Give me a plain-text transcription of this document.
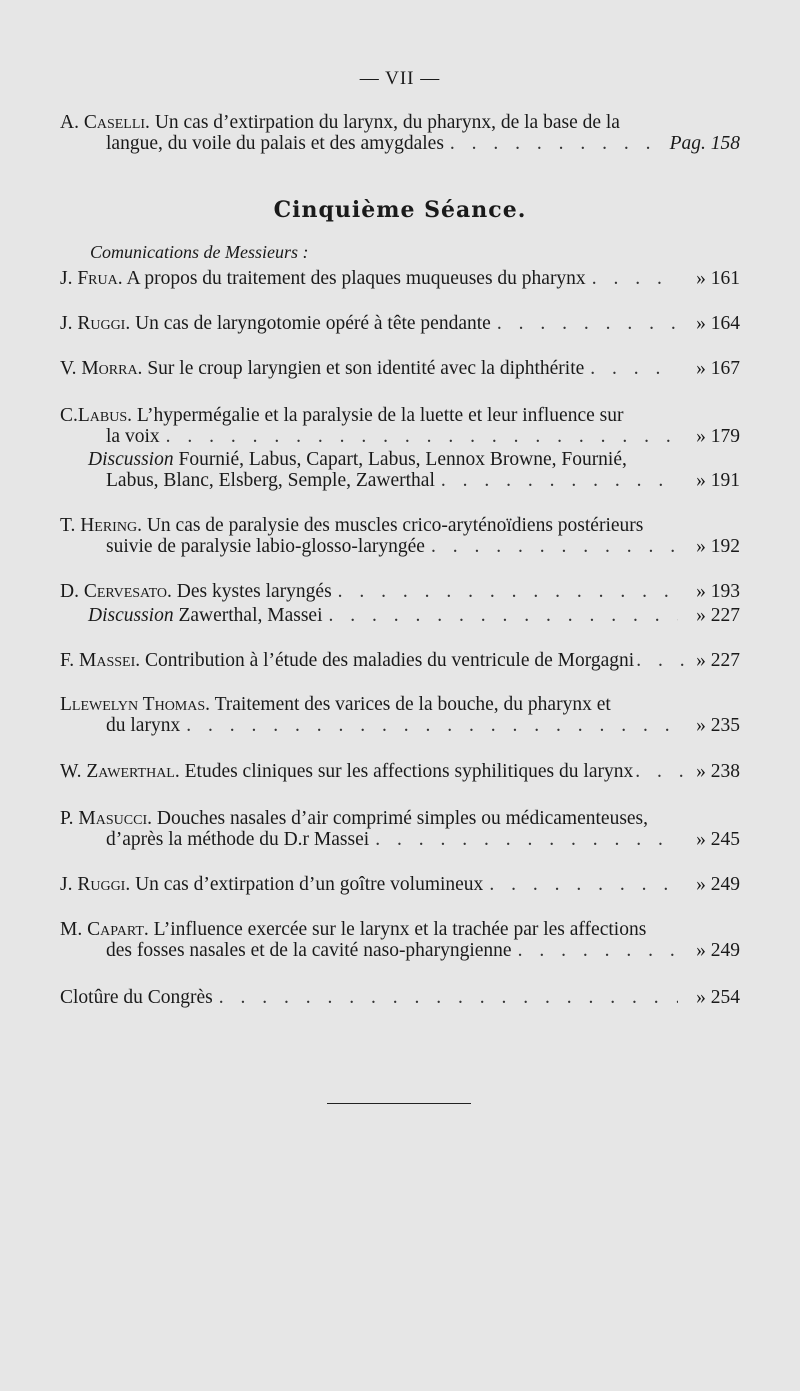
— VII —
A. Caselli. Un cas d’extirpation du larynx, du pharynx, de la base de la
langue, du voile du palais et des amygdales . . .	Pag. 158
Cinquième Séance.
Comunications de Messieurs :
J. Frua. A propos du traitement des plaques muqueuses du pharynx . . .	» 161
J. Ruggi. Un cas de laryngotomie opéré à tête pendante . . .	» 164
V. Morra. Sur le croup laryngien et son identité avec la diphthérite . . .	» 167
C.Labus. L’hypermégalie et la paralysie de la luette et leur influence sur
la voix . . .	» 179
Discussion Fournié, Labus, Capart, Labus, Lennox Browne, Fournié,
Labus, Blanc, Elsberg, Semple, Zawerthal . . .	» 191
T. Hering. Un cas de paralysie des muscles crico-aryténoïdiens postérieurs
suivie de paralysie labio-glosso-laryngée . . .	» 192
D. Cervesato. Des kystes laryngés . . .	» 193
Discussion Zawerthal, Massei . . .	» 227
F. Massei. Contribution à l’étude des maladies du ventricule de Morgagni . . .	» 227
Llewelyn Thomas. Traitement des varices de la bouche, du pharynx et
du larynx . . .	» 235
W. Zawerthal. Etudes cliniques sur les affections syphilitiques du larynx . . .	» 238
P. Masucci. Douches nasales d’air comprimé simples ou médicamenteuses,
d’après la méthode du D.r Massei . . .	» 245
J. Ruggi. Un cas d’extirpation d’un goître volumineux . . .	» 249
M. Capart. L’influence exercée sur le larynx et la trachée par les affections
des fosses nasales et de la cavité naso-pharyngienne . . .	» 249
Clotûre du Congrès . . .	» 254
